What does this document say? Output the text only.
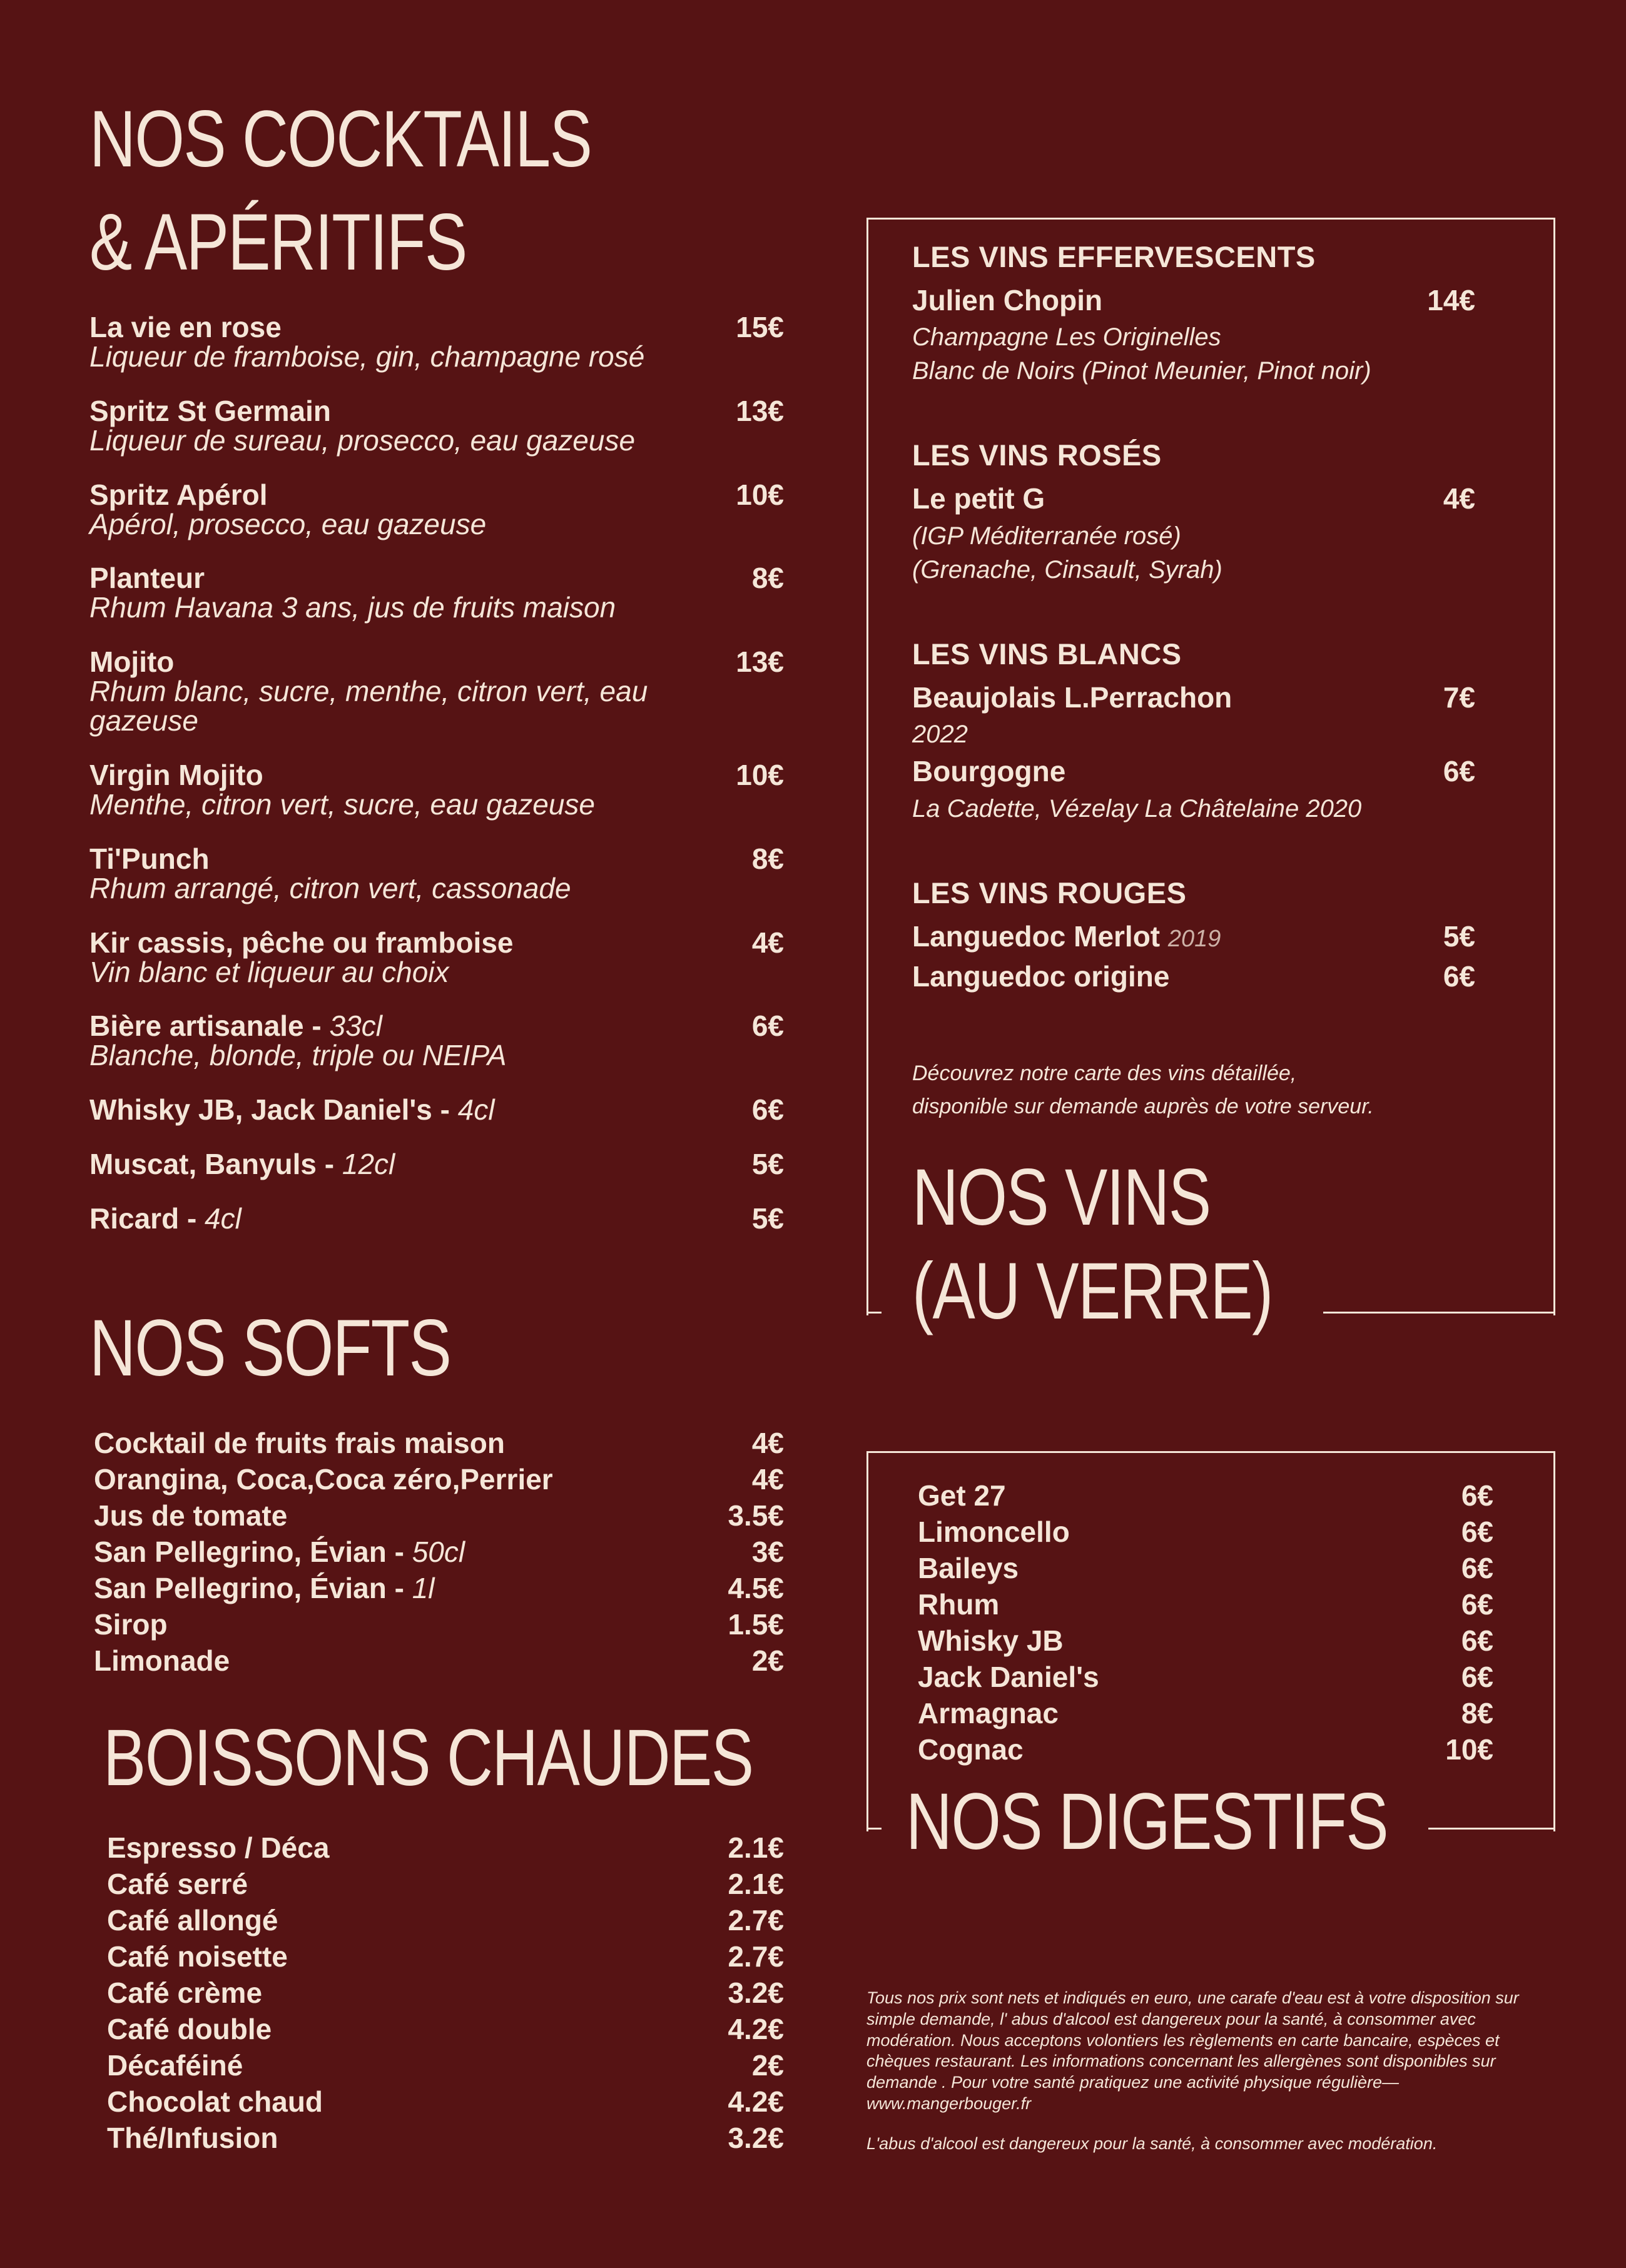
NOS COCKTAILS
& APÉRITIFS
La vie en rose	15€
Liqueur de framboise, gin, champagne rosé
Spritz St Germain	13€
Liqueur de sureau, prosecco, eau gazeuse
Spritz Apérol	10€
Apérol, prosecco, eau gazeuse
Planteur	8€
Rhum Havana 3 ans, jus de fruits maison
Mojito	13€
Rhum blanc, sucre, menthe, citron vert, eau gazeuse
Virgin Mojito	10€
Menthe, citron vert, sucre, eau gazeuse
Ti'Punch	8€
Rhum arrangé, citron vert, cassonade
Kir cassis, pêche ou framboise	4€
Vin blanc et liqueur au choix
Bière artisanale - 33cl	6€
Blanche, blonde, triple ou NEIPA
Whisky JB, Jack Daniel's - 4cl	6€
Muscat, Banyuls - 12cl	5€
Ricard - 4cl	5€
NOS SOFTS
Cocktail de fruits frais maison	4€
Orangina, Coca,Coca zéro,Perrier	4€
Jus de tomate	3.5€
San Pellegrino, Évian - 50cl	3€
San Pellegrino, Évian - 1l	4.5€
Sirop	1.5€
Limonade	2€
BOISSONS CHAUDES
Espresso / Déca	2.1€
Café serré	2.1€
Café allongé	2.7€
Café noisette	2.7€
Café crème	3.2€
Café double	4.2€
Décaféiné	2€
Chocolat chaud	4.2€
Thé/Infusion	3.2€
LES VINS EFFERVESCENTS
Julien Chopin	14€
Champagne Les Originelles
Blanc de Noirs (Pinot Meunier, Pinot noir)
LES VINS ROSÉS
Le petit G	4€
(IGP Méditerranée rosé)
(Grenache, Cinsault, Syrah)
LES VINS BLANCS
Beaujolais L.Perrachon	7€
2022
Bourgogne	6€
La Cadette, Vézelay La Châtelaine 2020
LES VINS ROUGES
Languedoc Merlot 2019	5€
Languedoc origine	6€
Découvrez notre carte des vins détaillée,
disponible sur demande auprès de votre serveur.
NOS VINS
(AU VERRE)
Get 27	6€
Limoncello	6€
Baileys	6€
Rhum	6€
Whisky JB	6€
Jack Daniel's	6€
Armagnac	8€
Cognac	10€
NOS DIGESTIFS

Tous nos prix sont nets et indiqués en euro, une carafe d'eau est à votre disposition sur simple demande, l' abus d'alcool est dangereux pour la santé, à consommer avec modération. Nous acceptons volontiers les règlements en carte bancaire, espèces et chèques restaurant. Les informations concernant les allergènes sont disponibles sur demande . Pour votre santé pratiquez une activité physique régulière—www.mangerbouger.fr

L'abus d'alcool est dangereux pour la santé, à consommer avec modération.
